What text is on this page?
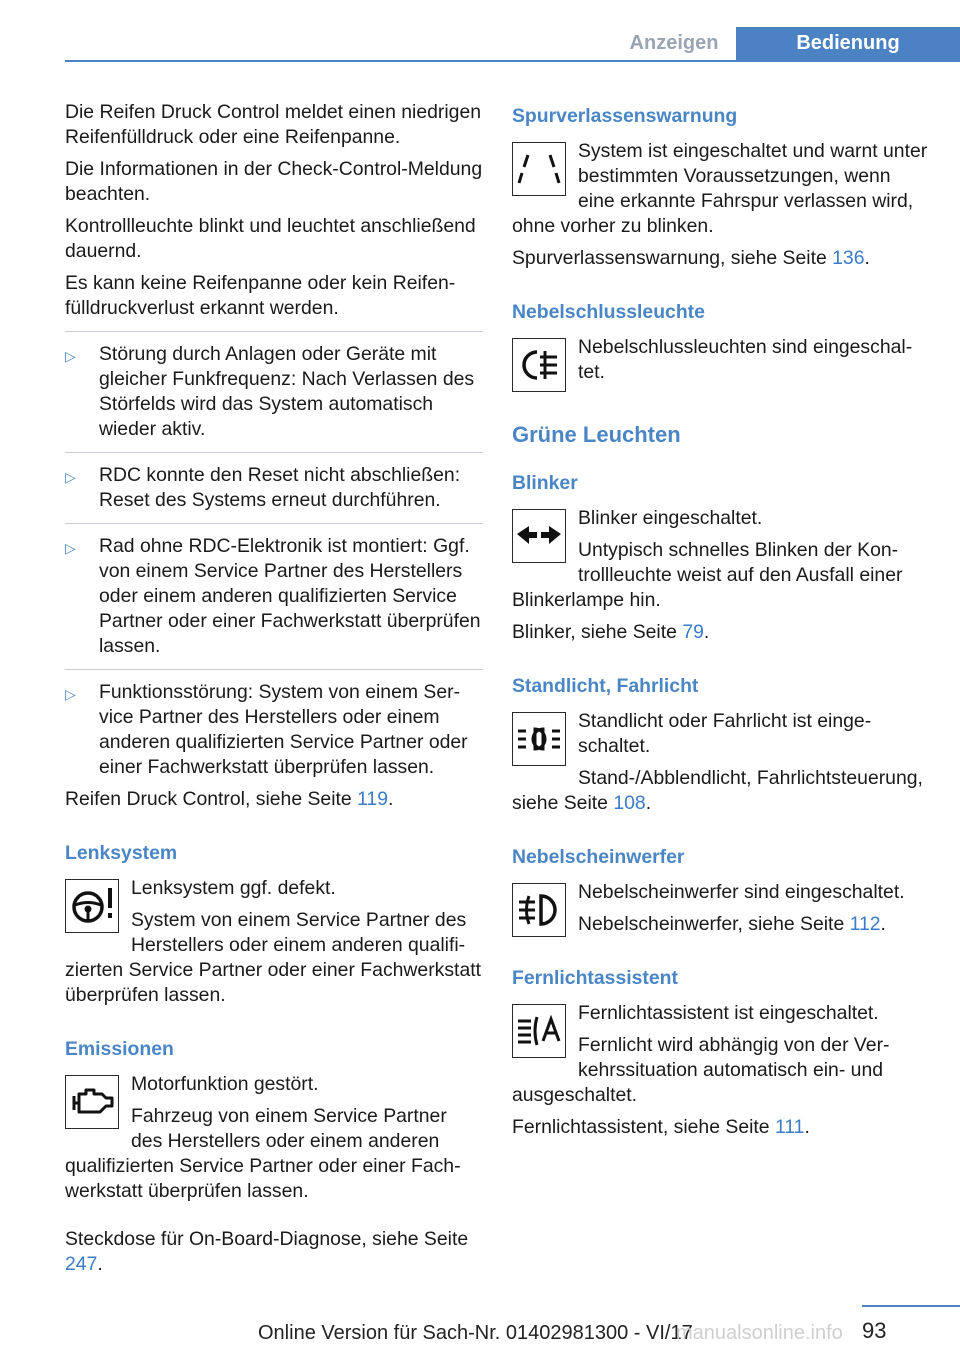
Anzeigen	Bedienung

Die Reifen Druck Control meldet einen niedrigen Reifenfülldruck oder eine Reifenpanne.

Die Informationen in der Check-Control-Meldung beachten.

Kontrollleuchte blinkt und leuchtet anschließend dauernd.

Es kann keine Reifenpanne oder kein Reifenfülldruckverlust erkannt werden.

▷ Störung durch Anlagen oder Geräte mit gleicher Funkfrequenz: Nach Verlassen des Störfelds wird das System automatisch wieder aktiv.
▷ RDC konnte den Reset nicht abschließen: Reset des Systems erneut durchführen.
▷ Rad ohne RDC-Elektronik ist montiert: Ggf. von einem Service Partner des Herstellers oder einem anderen qualifizierten Service Partner oder einer Fachwerkstatt überprüfen lassen.
▷ Funktionsstörung: System von einem Service Partner des Herstellers oder einem anderen qualifizierten Service Partner oder einer Fachwerkstatt überprüfen lassen.

Reifen Druck Control, siehe Seite 119.

Lenksystem

Lenksystem ggf. defekt.

System von einem Service Partner des Herstellers oder einem anderen qualifizierten Service Partner oder einer Fachwerkstatt überprüfen lassen.

Emissionen

Motorfunktion gestört.

Fahrzeug von einem Service Partner des Herstellers oder einem anderen qualifizierten Service Partner oder einer Fachwerkstatt überprüfen lassen.

Steckdose für On-Board-Diagnose, siehe Seite 247.

Spurverlassenswarnung

System ist eingeschaltet und warnt unter bestimmten Voraussetzungen, wenn eine erkannte Fahrspur verlassen wird, ohne vorher zu blinken.

Spurverlassenswarnung, siehe Seite 136.

Nebelschlussleuchte

Nebelschlussleuchten sind eingeschaltet.

Grüne Leuchten
Blinker

Blinker eingeschaltet.

Untypisch schnelles Blinken der Kontrollleuchte weist auf den Ausfall einer Blinkerlampe hin.

Blinker, siehe Seite 79.

Standlicht, Fahrlicht

Standlicht oder Fahrlicht ist eingeschaltet.

Stand-/Abblendlicht, Fahrlichtsteuerung, siehe Seite 108.

Nebelscheinwerfer

Nebelscheinwerfer sind eingeschaltet.

Nebelscheinwerfer, siehe Seite 112.

Fernlichtassistent

Fernlichtassistent ist eingeschaltet.

Fernlicht wird abhängig von der Verkehrssituation automatisch ein- und ausgeschaltet.

Fernlichtassistent, siehe Seite 111.

93
Online Version für Sach-Nr. 01402981300 - VI/17
manualsonline.info
